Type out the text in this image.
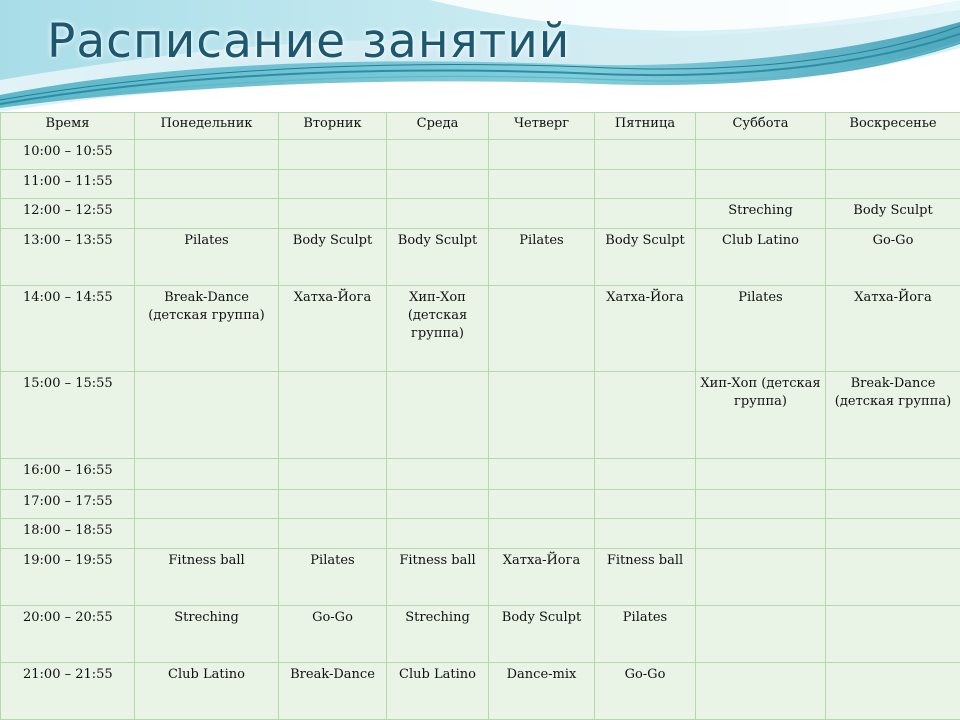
Расписание занятий
Время	Понедельник	Вторник	Среда	Четверг	Пятница	Суббота	Воскресенье
10:00 – 10:55							
11:00 – 11:55							
12:00 – 12:55						Streching	Body Sculpt
13:00 – 13:55	Pilates	Body Sculpt	Body Sculpt	Pilates	Body Sculpt	Club Latino	Go-Go
14:00 – 14:55	Break-Dance (детская группа)	Хатха-Йога	Хип-Хоп (детская группа)		Хатха-Йога	Pilates	Хатха-Йога
15:00 – 15:55						Хип-Хоп (детская группа)	Break-Dance (детская группа)
16:00 – 16:55							
17:00 – 17:55							
18:00 – 18:55							
19:00 – 19:55	Fitness ball	Pilates	Fitness ball	Хатха-Йога	Fitness ball		
20:00 – 20:55	Streching	Go-Go	Streching	Body Sculpt	Pilates		
21:00 – 21:55	Club Latino	Break-Dance	Club Latino	Dance-mix	Go-Go		
